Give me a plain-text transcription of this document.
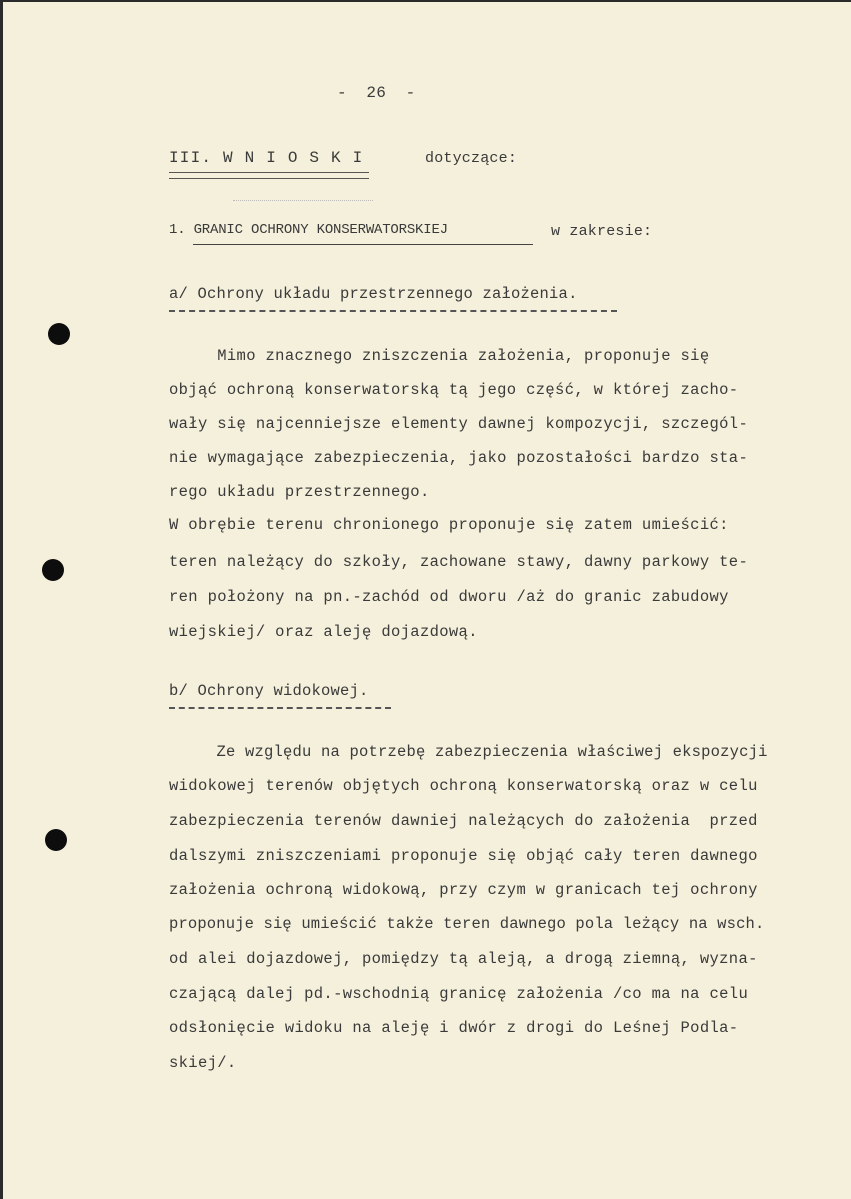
-  26  -
III. W N I O S K I	dotyczące:
1. GRANIC OCHRONY KONSERWATORSKIEJ	w zakresie:
a/ Ochrony układu przestrzennego założenia.
Mimo znacznego zniszczenia założenia, proponuje się
objąć ochroną konserwatorską tą jego część, w której zacho-
wały się najcenniejsze elementy dawnej kompozycji, szczegól-
nie wymagające zabezpieczenia, jako pozostałości bardzo sta-
rego układu przestrzennego.
W obrębie terenu chronionego proponuje się zatem umieścić:
teren należący do szkoły, zachowane stawy, dawny parkowy te-
ren położony na pn.-zachód od dworu /aż do granic zabudowy
wiejskiej/ oraz aleję dojazdową.
b/ Ochrony widokowej.
Ze względu na potrzebę zabezpieczenia właściwej ekspozycji
widokowej terenów objętych ochroną konserwatorską oraz w celu
zabezpieczenia terenów dawniej należących do założenia  przed
dalszymi zniszczeniami proponuje się objąć cały teren dawnego
założenia ochroną widokową, przy czym w granicach tej ochrony
proponuje się umieścić także teren dawnego pola leżący na wsch.
od alei dojazdowej, pomiędzy tą aleją, a drogą ziemną, wyzna-
czającą dalej pd.-wschodnią granicę założenia /co ma na celu
odsłonięcie widoku na aleję i dwór z drogi do Leśnej Podla-
skiej/.
